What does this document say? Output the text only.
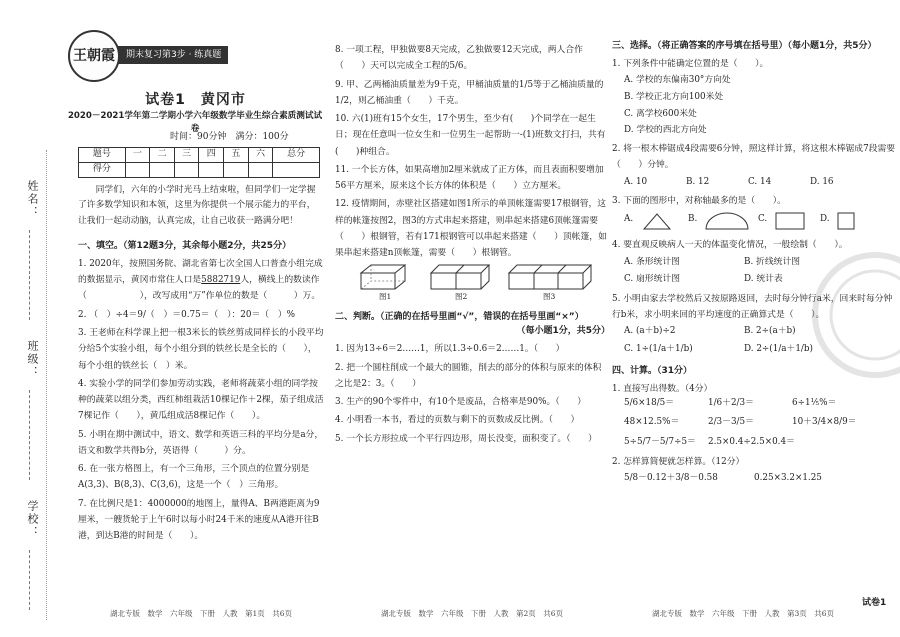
姓名：
班级：
学校：
王朝霞	期末复习第3步 · 练真题
试卷1　黄冈市
2020－2021学年第二学期小学六年级数学毕业生综合素质测试试卷
时间：90分钟　满分：100分
题号	一	二	三	四	五	六	总分
得分							
同学们，六年的小学时光马上结束啦，但同学们一定学握了许多数学知识和本领，这里为你提供一个展示能力的平台，让我们一起动动脑，认真完成，让自己收获一路满分吧！
一、填空。（第12题3分，其余每小题2分，共25分）
1. 2020年，按照国务院、湖北省第七次全国人口普查小组完成的数据显示，黄冈市常住人口是5882719人，横线上的数读作（　　　　　　），改写成用“万”作单位的数是（　　　）万。
2. （　）÷4＝9/（　）＝0.75＝（　）：20＝（　）%
3. 王老师在科学课上把一根3米长的铁丝剪成同样长的小段平均分给5个实验小组，每个小组分到的铁丝长是全长的（　　），每个小组的铁丝长（　）米。
4. 实验小学的同学们参加劳动实践，老师将蔬菜小组的同学按种的蔬菜以组分类，西红柿组栽活10棵记作＋2棵，茄子组成活7棵记作（　　），黄瓜组成活8棵记作（　　）。
5. 小明在期中测试中，语文、数学和英语三科的平均分是a分，语文和数学共得b分，英语得（　　　）分。
6. 在一张方格图上，有一个三角形，三个顶点的位置分别是A(3,3)、B(8,3)、C(3,6)，这是一个（　）三角形。
7. 在比例尺是1：4000000的地图上，量得A、B两港距离为9厘米，一艘货轮于上午6时以每小时24千米的速度从A港开往B港，到达B港的时间是（　　）。
湖北专版　数学　六年级　下册　人教　第1页　共6页
8. 一项工程，甲独做要8天完成，乙独做要12天完成，两人合作（　　）天可以完成全工程的5/6。
9. 甲、乙两桶油质量差为9千克，甲桶油质量的1/5等于乙桶油质量的1/2，则乙桶油重（　　）千克。
10. 六(1)班有15个女生，17个男生，至少有(　　)个同学在一起生日；现在任意叫一位女生和一位男生一起帮助一-(1)班数文打扫，共有(　　)种组合。
11. 一个长方体，如果高增加2厘米就成了正方体，而且表面积要增加56平方厘米，原来这个长方体的体积是（　　）立方厘米。
12. 疫情期间，赤壁社区搭建如图1所示的单顶帐篷需要17根钢管，这样的帐篷按图2，图3的方式串起来搭建，则串起来搭建6顶帐篷需要（　　）根钢管，若有171根钢管可以串起来搭建（　　）顶帐篷，如果串起来搭建n顶帐篷，需要（　　）根钢管。
图1	图2	图3
二、判断。（正确的在括号里画“√”，错误的在括号里画“×”）
（每小题1分，共5分）
1. 因为13÷6＝2……1，所以1.3÷0.6＝2……1。（　　）
2. 把一个圆柱削成一个最大的圆锥，削去的部分的体积与原来的体积之比是2：3。（　　）
3. 生产的90个零件中，有10个是废品，合格率是90%。（　　）
4. 小明看一本书，看过的页数与剩下的页数成反比例。（　　）
5. 一个长方形拉成一个平行四边形，周长没变，面积变了。（　　）
湖北专版　数学　六年级　下册　人教　第2页　共6页
三、选择。（将正确答案的序号填在括号里）（每小题1分，共5分）
1. 下列条件中能确定位置的是（　　）。
A. 学校的东偏南30°方向处
B. 学校正北方向100米处
C. 离学校600米处
D. 学校的西北方向处
2. 将一根木棒锯成4段需要6分钟，照这样计算，将这根木棒锯成7段需要（　　）分钟。
A. 10	B. 12	C. 14	D. 16
3. 下面的图形中，对称轴最多的是（　　）。
A.	B.	C.	D.
4. 要直观反映病人一天的体温变化情况，一般绘制（　　）。
A. 条形统计图	B. 折线统计图
C. 扇形统计图	D. 统计表
5. 小明由家去学校然后又按原路返回，去时每分钟行a米，回来时每分钟行b米，求小明来回的平均速度的正确算式是（　　）。
A. (a＋b)÷2	B. 2÷(a＋b)
C. 1÷(1/a＋1/b)	D. 2÷(1/a＋1/b)
四、计算。（31分）
1. 直接写出得数。（4分）
5/6×18/5＝	1/6＋2/3＝	6÷1⅕%＝
48×12.5%＝	2/3－3/5＝	10＋3/4×8/9＝
5÷5/7－5/7÷5＝	2.5×0.4÷2.5×0.4＝
2. 怎样算简便就怎样算。（12分）
5/8－0.12＋3/8－0.58	0.25×3.2×1.25
湖北专版　数学　六年级　下册　人教　第3页　共6页
试卷1
